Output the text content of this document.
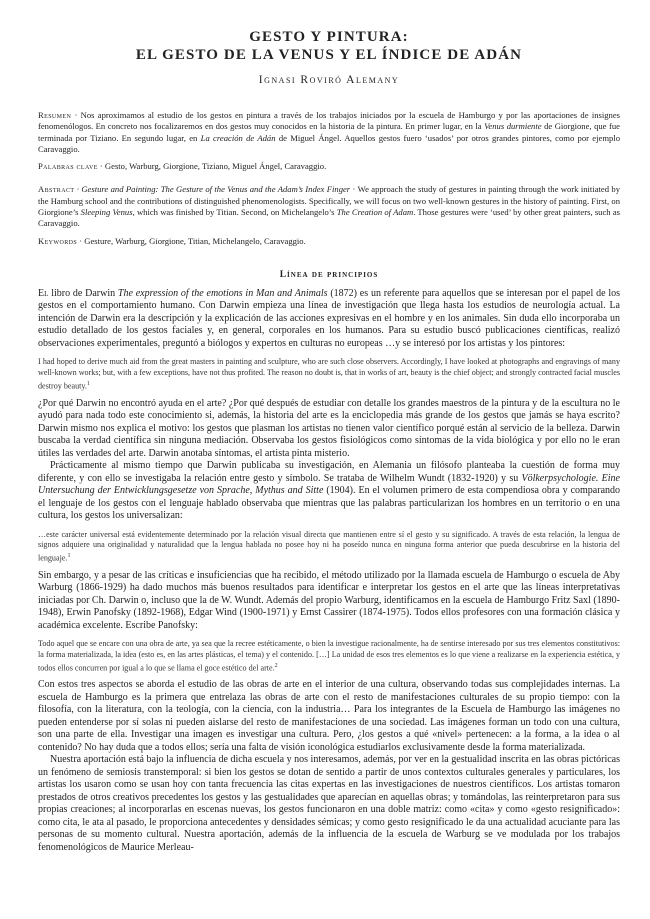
GESTO Y PINTURA:
EL GESTO DE LA VENUS Y EL ÍNDICE DE ADÁN

Ignasi Roviró Alemany

Resumen · Nos aproximamos al estudio de los gestos en pintura a través de los trabajos iniciados por la escuela de Hamburgo y por las aportaciones de insignes fenomenólogos. En concreto nos focalizaremos en dos gestos muy conocidos en la historia de la pintura. En primer lugar, en la Venus durmiente de Giorgione, que fue terminada por Tiziano. En segundo lugar, en La creación de Adán de Miguel Ángel. Aquellos gestos fuero ‘usados’ por otros grandes pintores, como por ejemplo Caravaggio.

Palabras clave · Gesto, Warburg, Giorgione, Tiziano, Miguel Ángel, Caravaggio.

Abstract · Gesture and Painting: The Gesture of the Venus and the Adam’s Index Finger · We approach the study of gestures in painting through the work initiated by the Hamburg school and the contributions of distinguished phenomenologists. Specifically, we will focus on two well-known gestures in the history of painting. First, on Giorgione’s Sleeping Venus, which was finished by Titian. Second, on Michelangelo’s The Creation of Adam. Those gestures were ‘used’ by other great painters, such as Caravaggio.

Keywords · Gesture, Warburg, Giorgione, Titian, Michelangelo, Caravaggio.

Línea de principios

El libro de Darwin The expression of the emotions in Man and Animals (1872) es un referente para aquellos que se interesan por el papel de los gestos en el comportamiento humano. Con Darwin empieza una línea de investigación que llega hasta los estudios de neurología actual. La intención de Darwin era la descripción y la explicación de las acciones expresivas en el hombre y en los animales. Sin duda ello incorporaba un estudio detallado de los gestos faciales y, en general, corporales en los humanos. Para su estudio buscó publicaciones científicas, realizó observaciones experimentales, preguntó a biólogos y expertos en culturas no europeas …y se interesó por los artistas y los pintores:

I had hoped to derive much aid from the great masters in painting and sculpture, who are such close observers. Accordingly, I have looked at photographs and engravings of many well-known works; but, with a few exceptions, have not thus profited. The reason no doubt is, that in works of art, beauty is the chief object; and strongly contracted facial muscles destroy beauty.$^1$

¿Por qué Darwin no encontró ayuda en el arte? ¿Por qué después de estudiar con detalle los grandes maestros de la pintura y de la escultura no le ayudó para nada todo este conocimiento si, además, la historia del arte es la enciclopedia más grande de los gestos que jamás se haya escrito? Darwin mismo nos explica el motivo: los gestos que plasman los artistas no tienen valor científico porqué están al servicio de la belleza. Darwin buscaba la verdad científica sin ninguna mediación. Observaba los gestos fisiológicos como síntomas de la vida biológica y por ello no le eran útiles las verdades del arte. Darwin anotaba síntomas, el artista pinta misterio.

Prácticamente al mismo tiempo que Darwin publicaba su investigación, en Alemania un filósofo planteaba la cuestión de forma muy diferente, y con ello se investigaba la relación entre gesto y símbolo. Se trataba de Wilhelm Wundt (1832-1920) y su Völkerpsychologie. Eine Untersuchung der Entwicklungsgesetze von Sprache, Mythus and Sitte (1904). En el volumen primero de esta compendiosa obra y comparando el lenguaje de los gestos con el lenguaje hablado observaba que mientras que las palabras particularizan los hombres en un territorio o en una cultura, los gestos los universalizan:

…este carácter universal está evidentemente determinado por la relación visual directa que mantienen entre sí el gesto y su significado. A través de esta relación, la lengua de signos adquiere una originalidad y naturalidad que la lengua hablada no posee hoy ni ha poseído nunca en ninguna forma anterior que pueda descubrirse en la historia del lenguaje.$^1$

Sin embargo, y a pesar de las críticas e insuficiencias que ha recibido, el método utilizado por la llamada escuela de Hamburgo o escuela de Aby Warburg (1866-1929) ha dado muchos más buenos resultados para identificar e interpretar los gestos en el arte que las líneas interpretativas iniciadas por Ch. Darwin o, incluso que la de W. Wundt. Además del propio Warburg, identificamos en la escuela de Hamburgo Fritz Saxl (1890-1948), Erwin Panofsky (1892-1968), Edgar Wind (1900-1971) y Ernst Cassirer (1874-1975). Todos ellos profesores con una formación clásica y académica excelente. Escribe Panofsky:

Todo aquel que se encare con una obra de arte, ya sea que la recree estéticamente, o bien la investigue racionalmente, ha de sentirse interesado por sus tres elementos constitutivos: la forma materializada, la idea (esto es, en las artes plásticas, el tema) y el contenido. […] La unidad de esos tres elementos es lo que viene a realizarse en la experiencia estética, y todos ellos concurren por igual a lo que se llama el goce estético del arte.$^2$

Con estos tres aspectos se aborda el estudio de las obras de arte en el interior de una cultura, observando todas sus complejidades internas. La escuela de Hamburgo es la primera que entrelaza las obras de arte con el resto de manifestaciones culturales de su propio tiempo: con la filosofía, con la literatura, con la teología, con la ciencia, con la industria… Para los integrantes de la Escuela de Hamburgo las imágenes no pueden entenderse por sí solas ni pueden aislarse del resto de manifestaciones de una sociedad. Las imágenes forman un todo con una cultura, son una parte de ella. Investigar una imagen es investigar una cultura. Pero, ¿los gestos a qué «nivel» pertenecen: a la forma, a la idea o al contenido? No hay duda que a todos ellos; sería una falta de visión iconológica estudiarlos exclusivamente desde la forma materializada.

Nuestra aportación está bajo la influencia de dicha escuela y nos interesamos, además, por ver en la gestualidad inscrita en las obras pictóricas un fenómeno de semiosis transtemporal: si bien los gestos se dotan de sentido a partir de unos contextos culturales generales y particulares, los artistas los usaron como se usan hoy con tanta frecuencia las citas expertas en las investigaciones de nuestros científicos. Los artistas tomaron prestados de otros creativos precedentes los gestos y las gestualidades que aparecían en aquellas obras; y tomándolas, las reinterpretaron para sus propias creaciones; al incorporarlas en escenas nuevas, los gestos funcionaron en una doble matriz: como «cita» y como «gesto resignificado»: como cita, le ata al pasado, le proporciona antecedentes y densidades sémicas; y como gesto resignificado le da una actualidad acuciante para las personas de su momento cultural. Nuestra aportación, además de la influencia de la escuela de Warburg se ve modulada por los trabajos fenomenológicos de Maurice Merleau-
